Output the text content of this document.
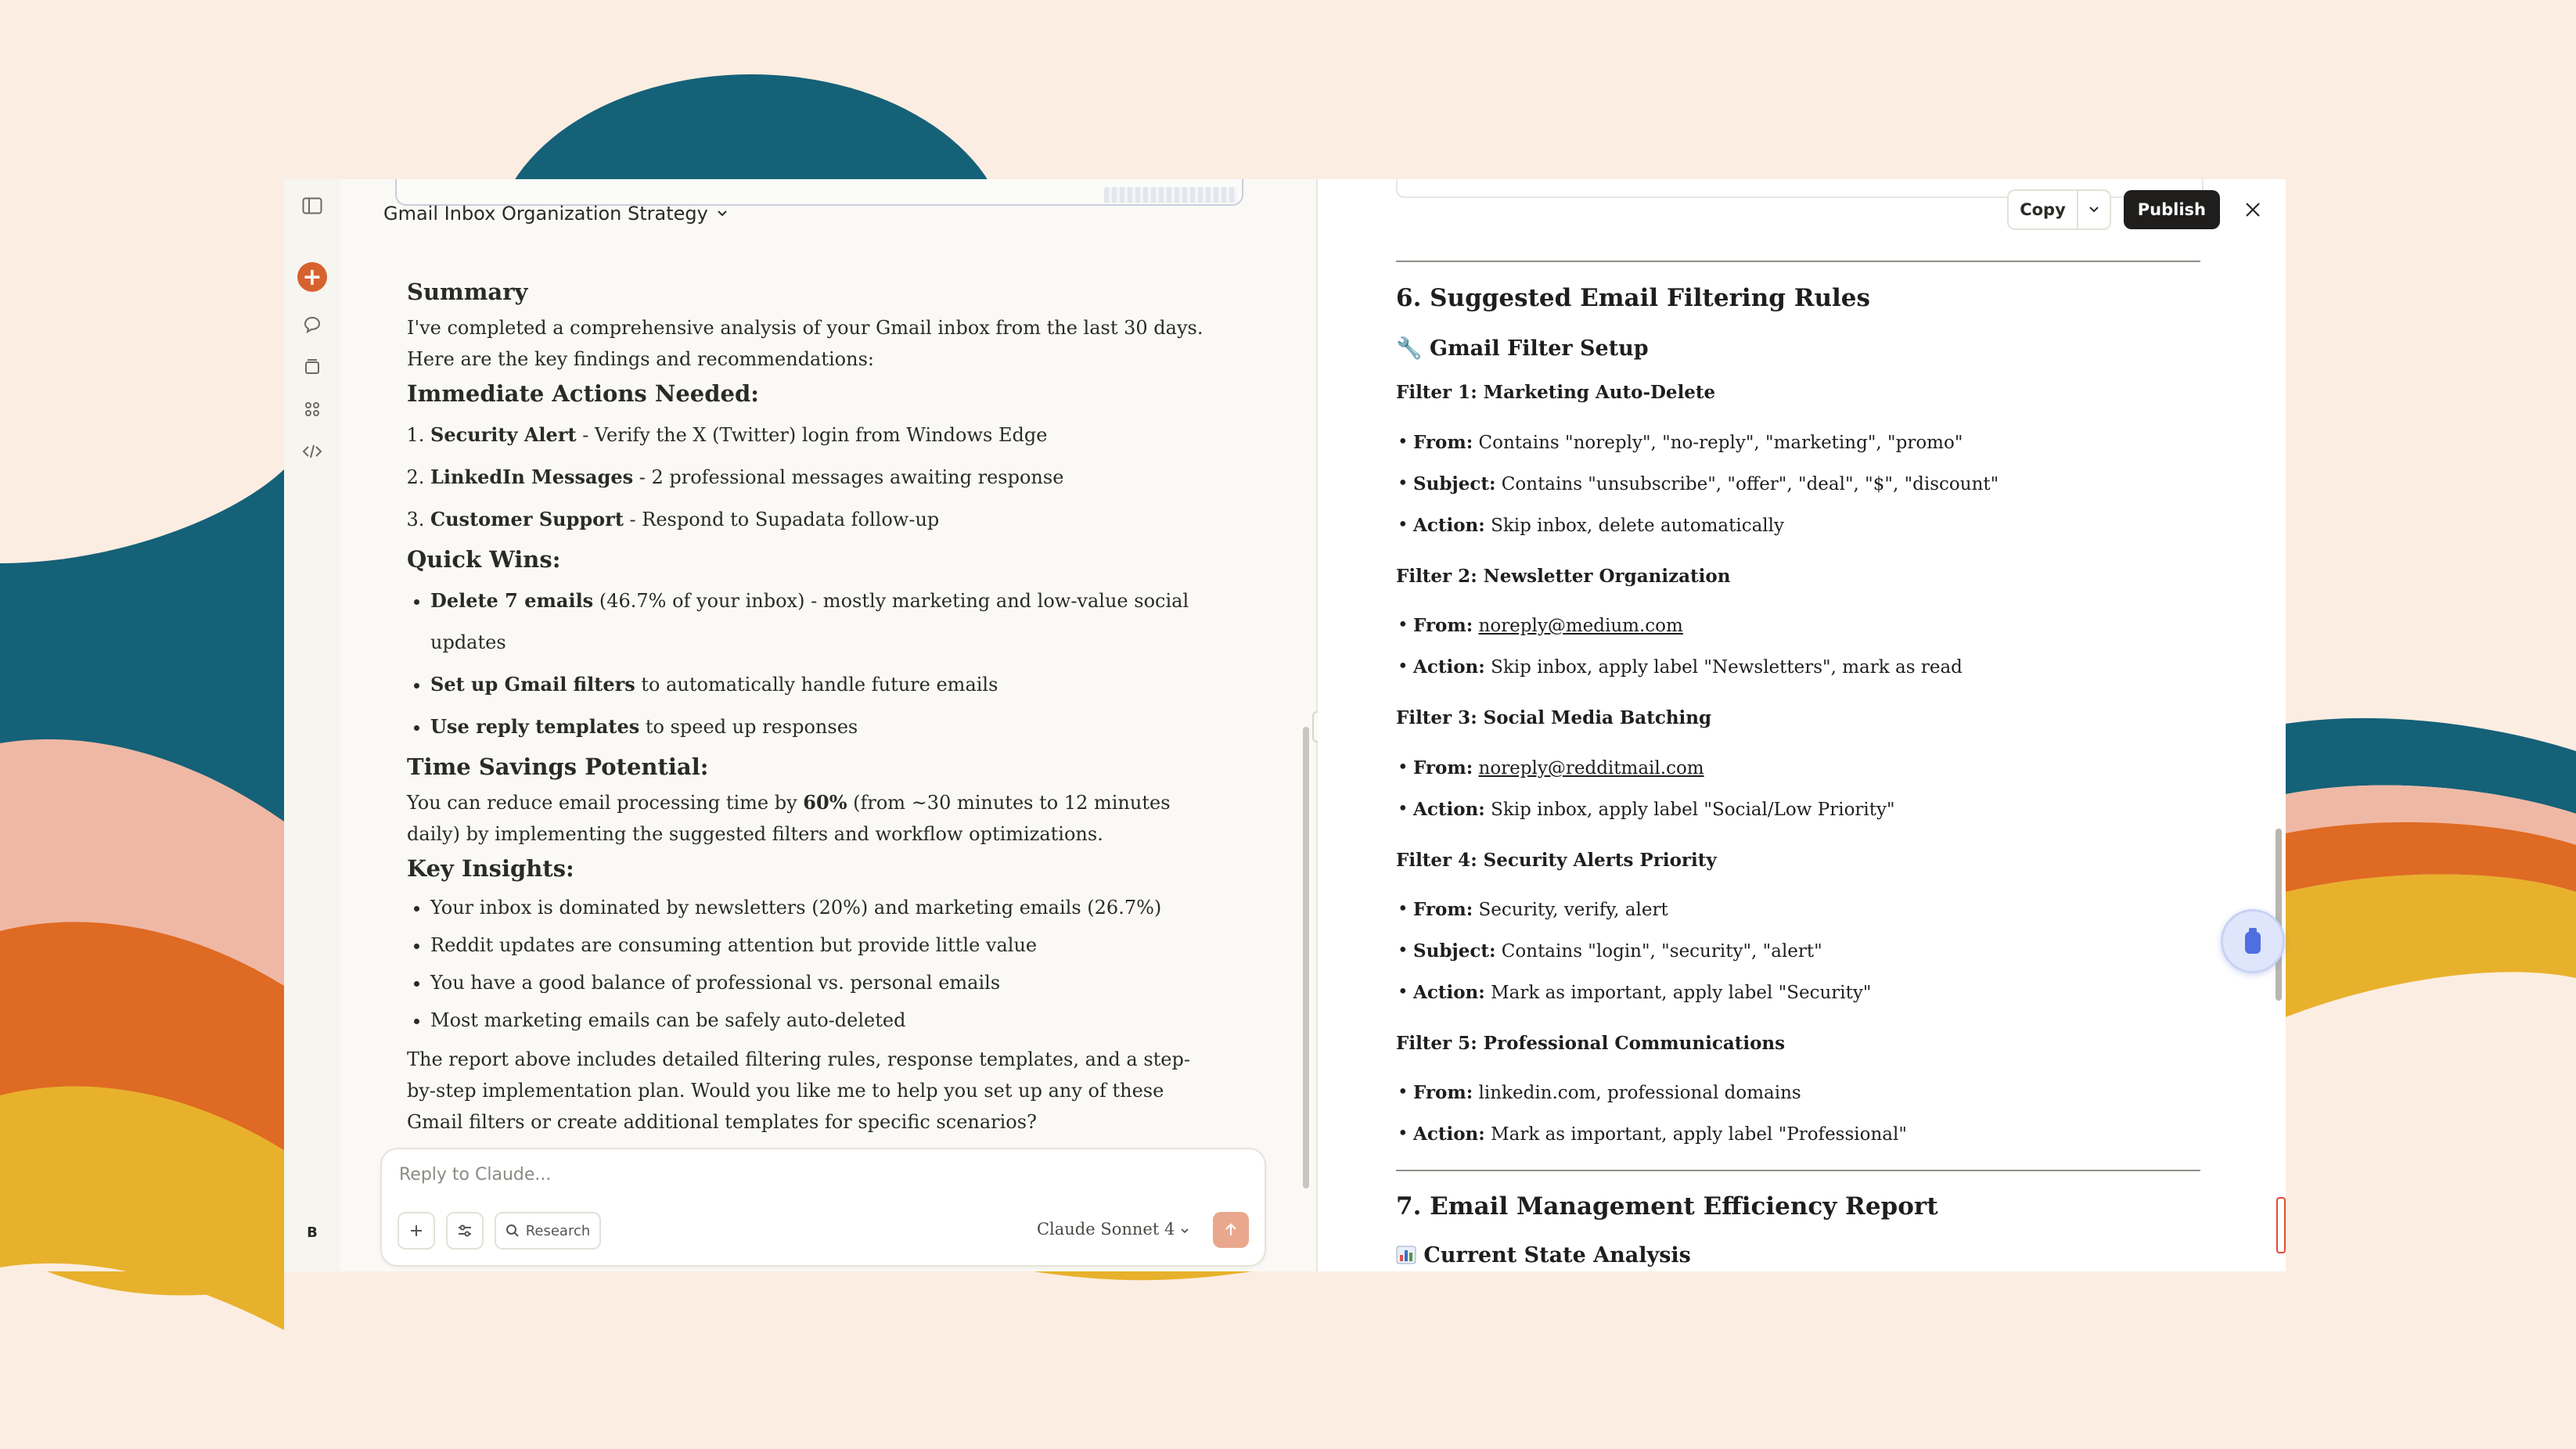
+
B
Gmail Inbox Organization Strategy
Summary

I've completed a comprehensive analysis of your Gmail inbox from the last 30 days. Here are the key findings and recommendations:

Immediate Actions Needed:
1. Security Alert - Verify the X (Twitter) login from Windows Edge
2. LinkedIn Messages - 2 professional messages awaiting response
3. Customer Support - Respond to Supadata follow-up
Quick Wins:
• Delete 7 emails (46.7% of your inbox) - mostly marketing and low-value social updates
• Set up Gmail filters to automatically handle future emails
• Use reply templates to speed up responses
Time Savings Potential:

You can reduce email processing time by 60% (from ~30 minutes to 12 minutes daily) by implementing the suggested filters and workflow optimizations.

Key Insights:
• Your inbox is dominated by newsletters (20%) and marketing emails (26.7%)
• Reddit updates are consuming attention but provide little value
• You have a good balance of professional vs. personal emails
• Most marketing emails can be safely auto-deleted

The report above includes detailed filtering rules, response templates, and a step-by-step implementation plan. Would you like me to help you set up any of these Gmail filters or create additional templates for specific scenarios?

Reply to Claude...
Research	Claude Sonnet 4
Copy	Publish
6. Suggested Email Filtering Rules
🔧 Gmail Filter Setup
Filter 1: Marketing Auto-Delete
• From: Contains "noreply", "no-reply", "marketing", "promo"
• Subject: Contains "unsubscribe", "offer", "deal", "$", "discount"
• Action: Skip inbox, delete automatically
Filter 2: Newsletter Organization
• From: noreply@medium.com
• Action: Skip inbox, apply label "Newsletters", mark as read
Filter 3: Social Media Batching
• From: noreply@redditmail.com
• Action: Skip inbox, apply label "Social/Low Priority"
Filter 4: Security Alerts Priority
• From: Security, verify, alert
• Subject: Contains "login", "security", "alert"
• Action: Mark as important, apply label "Security"
Filter 5: Professional Communications
• From: linkedin.com, professional domains
• Action: Mark as important, apply label "Professional"
7. Email Management Efficiency Report
Current State Analysis
